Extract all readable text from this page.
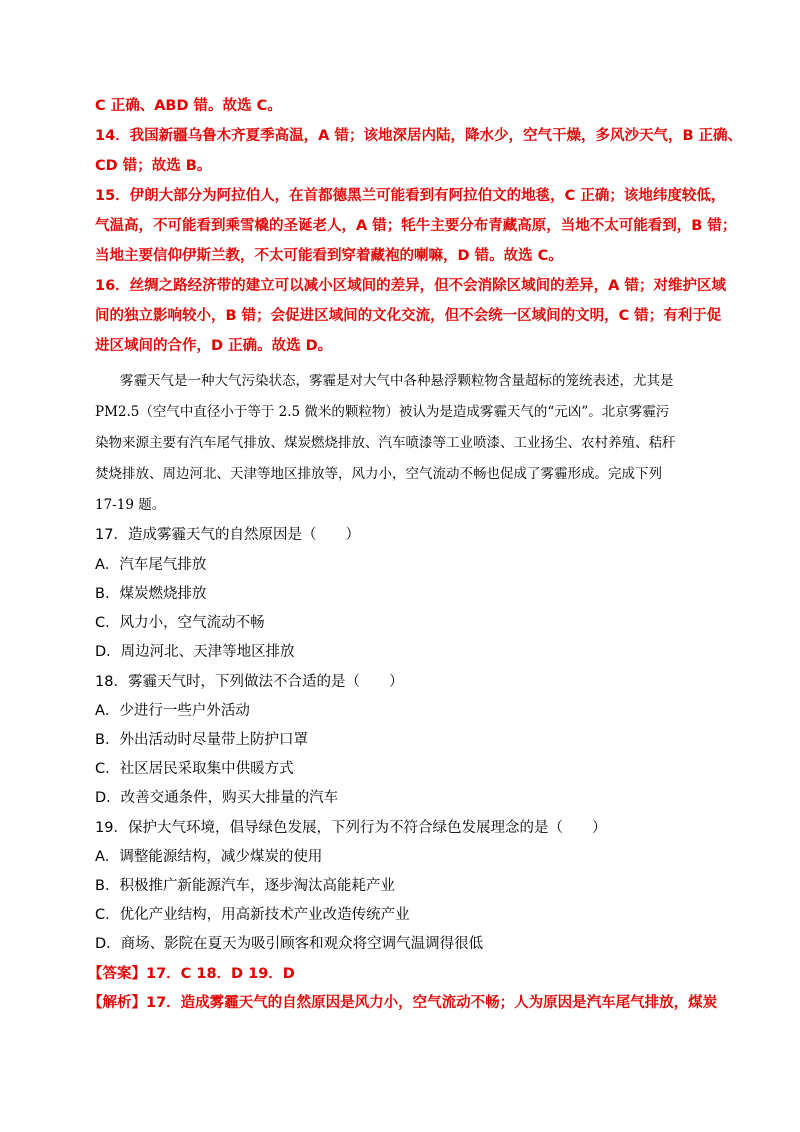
C 正确、ABD 错。故选 C。
14．我国新疆乌鲁木齐夏季高温，A 错；该地深居内陆，降水少，空气干燥，多风沙天气，B 正确、
CD 错；故选 B。
15．伊朗大部分为阿拉伯人，在首都德黑兰可能看到有阿拉伯文的地毯，C 正确；该地纬度较低，
气温高，不可能看到乘雪橇的圣诞老人，A 错；牦牛主要分布青藏高原，当地不太可能看到，B 错；
当地主要信仰伊斯兰教，不太可能看到穿着藏袍的喇嘛，D 错。故选 C。
16．丝绸之路经济带的建立可以减小区域间的差异，但不会消除区域间的差异，A 错；对维护区域
间的独立影响较小，B 错；会促进区域间的文化交流，但不会统一区域间的文明，C 错；有利于促
进区域间的合作，D 正确。故选 D。
雾霾天气是一种大气污染状态，雾霾是对大气中各种悬浮颗粒物含量超标的笼统表述，尤其是
PM2.5（空气中直径小于等于 2.5 微米的颗粒物）被认为是造成雾霾天气的“元凶”。北京雾霾污
染物来源主要有汽车尾气排放、煤炭燃烧排放、汽车喷漆等工业喷漆、工业扬尘、农村养殖、秸秆
焚烧排放、周边河北、天津等地区排放等，风力小，空气流动不畅也促成了雾霾形成。完成下列
17-19 题。
17．造成雾霾天气的自然原因是（　　）
A．汽车尾气排放
B．煤炭燃烧排放
C．风力小，空气流动不畅
D．周边河北、天津等地区排放
18．雾霾天气时，下列做法不合适的是（　　）
A．少进行一些户外活动
B．外出活动时尽量带上防护口罩
C．社区居民采取集中供暖方式
D．改善交通条件，购买大排量的汽车
19．保护大气环境，倡导绿色发展，下列行为不符合绿色发展理念的是（　　）
A．调整能源结构，减少煤炭的使用
B．积极推广新能源汽车，逐步淘汰高能耗产业
C．优化产业结构，用高新技术产业改造传统产业
D．商场、影院在夏天为吸引顾客和观众将空调气温调得很低
【答案】17．C 18．D 19．D
【解析】17．造成雾霾天气的自然原因是风力小，空气流动不畅；人为原因是汽车尾气排放，煤炭
